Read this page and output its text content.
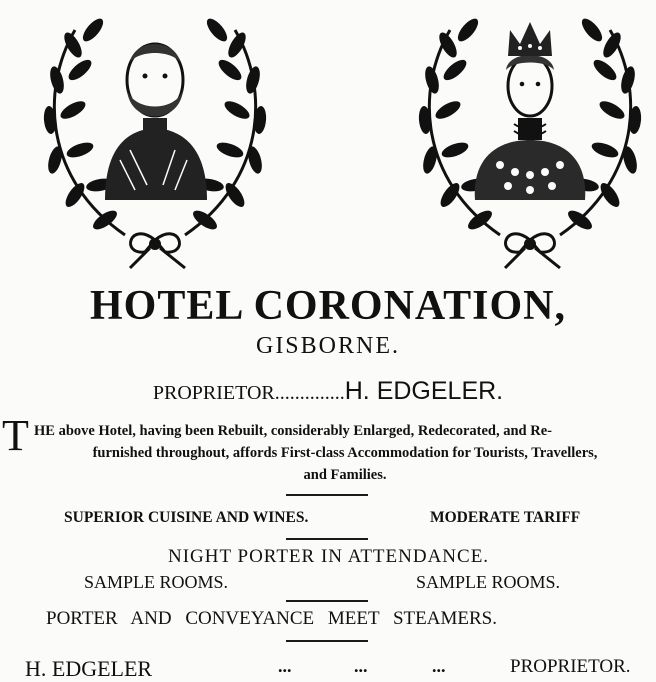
HOTEL CORONATION,
GISBORNE.
PROPRIETOR..............H. EDGELER.
T HE above Hotel, having been Rebuilt, considerably Enlarged, Redecorated, and Re-
furnished throughout, affords First-class Accommodation for Tourists, Travellers,
and Families.
SUPERIOR CUISINE AND WINES.	MODERATE TARIFF
NIGHT PORTER IN ATTENDANCE.
SAMPLE ROOMS.	SAMPLE ROOMS.
PORTER AND CONVEYANCE MEET STEAMERS.
H. EDGELER	...	...	...	PROPRIETOR.
